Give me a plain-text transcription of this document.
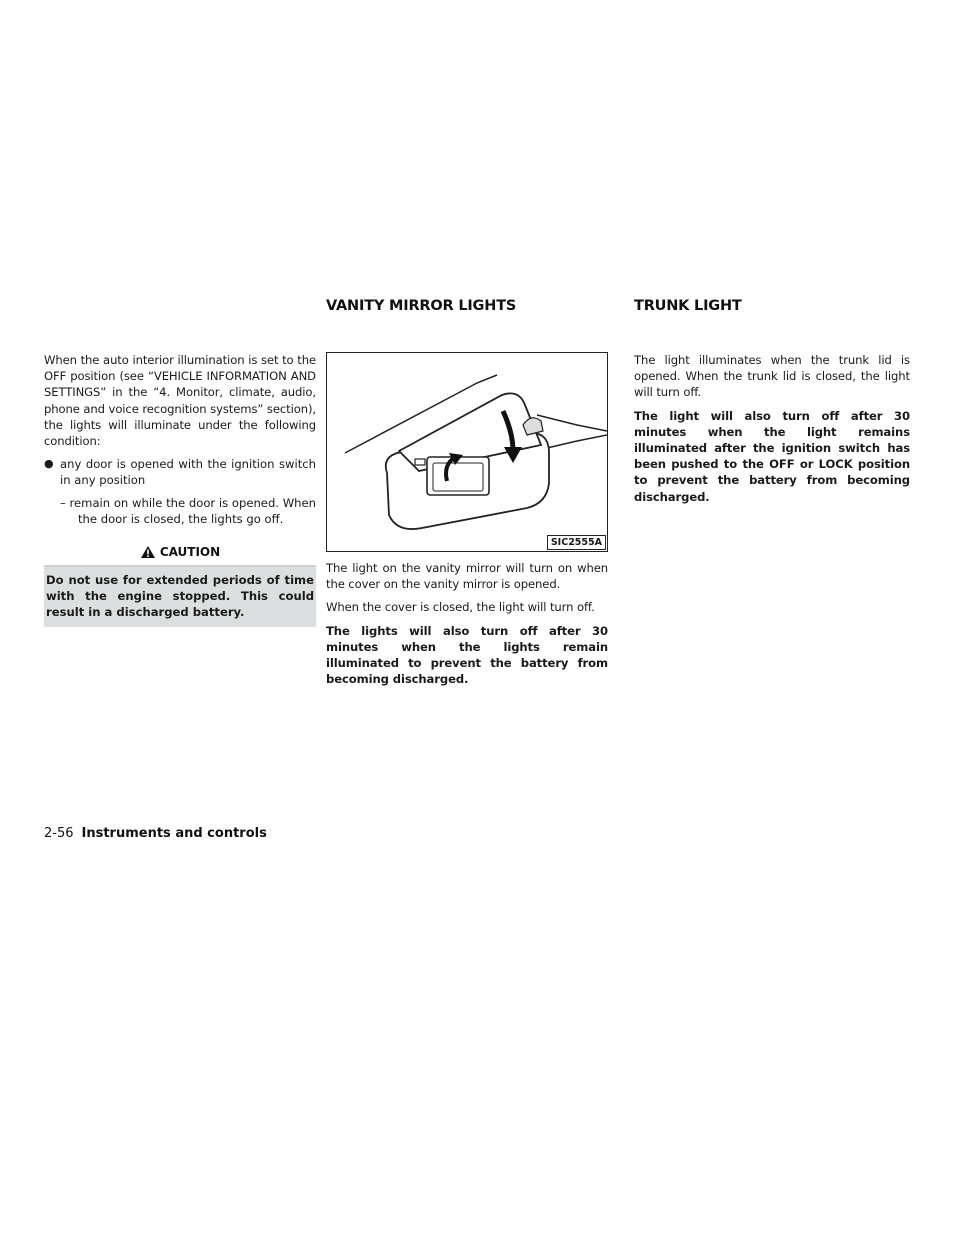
VANITY MIRROR LIGHTS	TRUNK LIGHT

When the auto interior illumination is set to the OFF position (see “VEHICLE INFORMATION AND SETTINGS” in the “4. Monitor, climate, audio, phone and voice recognition systems” section), the lights will illuminate under the following condition:

● any door is opened with the ignition switch in any position
– remain on while the door is opened. When the door is closed, the lights go off.
CAUTION
Do not use for extended periods of time with the engine stopped. This could result in a discharged battery.
SIC2555A

The light on the vanity mirror will turn on when the cover on the vanity mirror is opened.

When the cover is closed, the light will turn off.

The lights will also turn off after 30 minutes when the lights remain illuminated to prevent the battery from becoming discharged.

The light illuminates when the trunk lid is opened. When the trunk lid is closed, the light will turn off.

The light will also turn off after 30 minutes when the light remains illuminated after the ignition switch has been pushed to the OFF or LOCK position to prevent the battery from becoming discharged.

2-56 Instruments and controls
